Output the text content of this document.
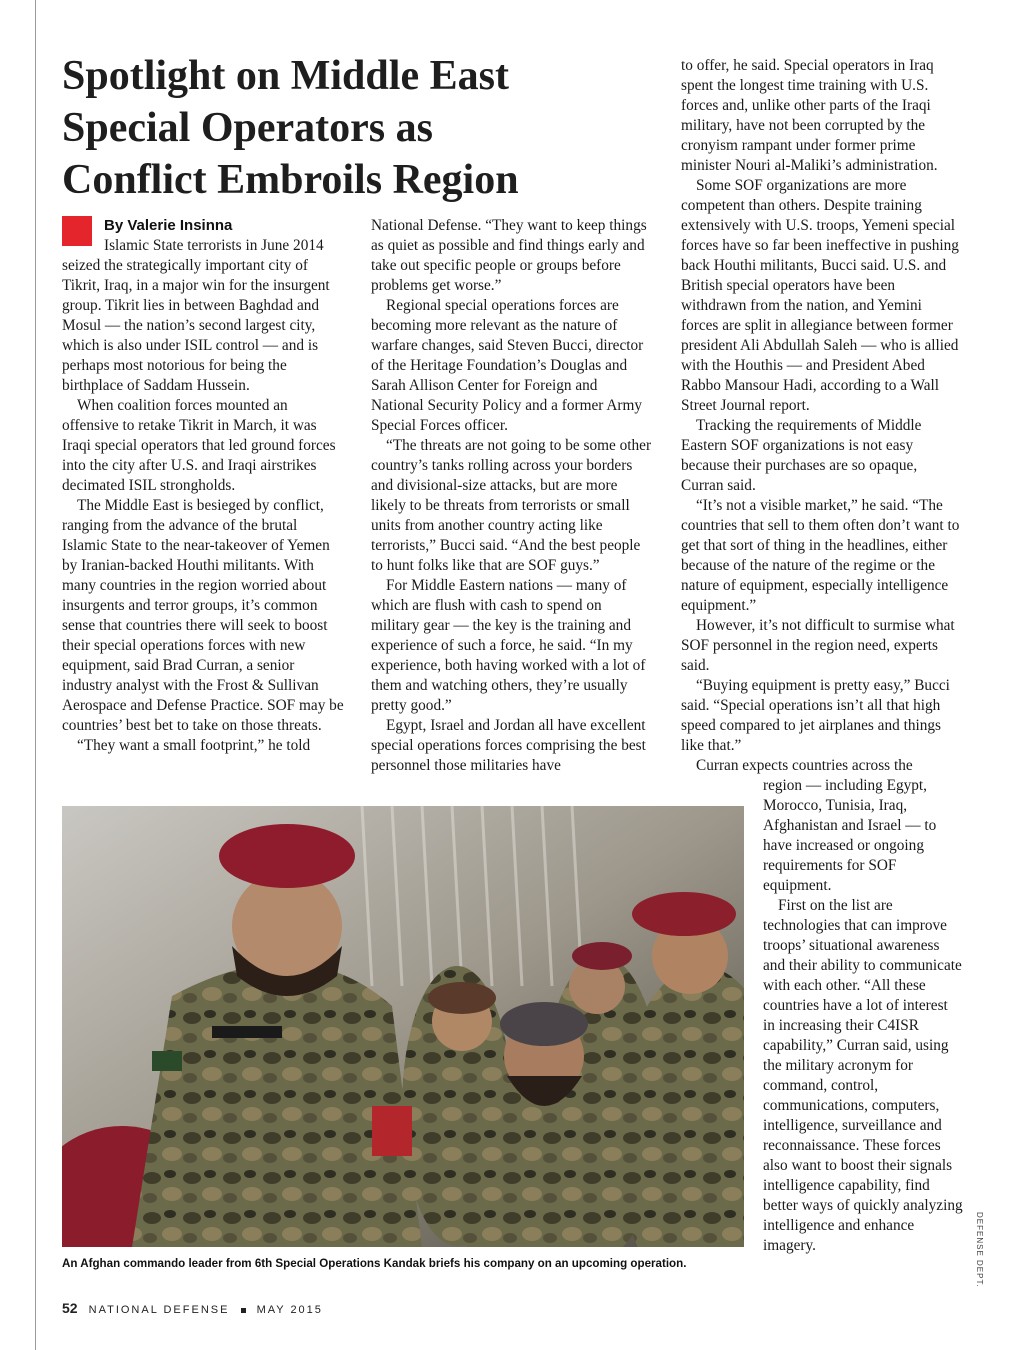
Spotlight on Middle East
Special Operators as
Conflict Embroils Region
By Valerie Insinna

Islamic State terrorists in June 2014 seized the strategically important city of Tikrit, Iraq, in a major win for the insurgent group. Tikrit lies in between Baghdad and Mosul — the nation’s second largest city, which is also under ISIL control — and is perhaps most notorious for being the birthplace of Saddam Hussein.

When coalition forces mounted an offensive to retake Tikrit in March, it was Iraqi special operators that led ground forces into the city after U.S. and Iraqi airstrikes decimated ISIL strongholds.

The Middle East is besieged by conflict, ranging from the advance of the brutal Islamic State to the near-takeover of Yemen by Iranian-backed Houthi militants. With many countries in the region worried about insurgents and terror groups, it’s common sense that countries there will seek to boost their special operations forces with new equipment, said Brad Curran, a senior industry analyst with the Frost & Sullivan Aerospace and Defense Practice. SOF may be countries’ best bet to take on those threats.

“They want a small footprint,” he told

National Defense. “They want to keep things as quiet as possible and find things early and take out specific people or groups before problems get worse.”

Regional special operations forces are becoming more relevant as the nature of warfare changes, said Steven Bucci, director of the Heritage Foundation’s Douglas and Sarah Allison Center for Foreign and National Security Policy and a former Army Special Forces officer.

“The threats are not going to be some other country’s tanks rolling across your borders and divisional-size attacks, but are more likely to be threats from terrorists or small units from another country acting like terrorists,” Bucci said. “And the best people to hunt folks like that are SOF guys.”

For Middle Eastern nations — many of which are flush with cash to spend on military gear — the key is the training and experience of such a force, he said. “In my experience, both having worked with a lot of them and watching others, they’re usually pretty good.”

Egypt, Israel and Jordan all have excellent special operations forces comprising the best personnel those militaries have

to offer, he said. Special operators in Iraq spent the longest time training with U.S. forces and, unlike other parts of the Iraqi military, have not been corrupted by the cronyism rampant under former prime minister Nouri al-Maliki’s administration.

Some SOF organizations are more competent than others. Despite training extensively with U.S. troops, Yemeni special forces have so far been ineffective in pushing back Houthi militants, Bucci said. U.S. and British special operators have been withdrawn from the nation, and Yemini forces are split in allegiance between former president Ali Abdullah Saleh — who is allied with the Houthis — and President Abed Rabbo Mansour Hadi, according to a Wall Street Journal report.

Tracking the requirements of Middle Eastern SOF organizations is not easy because their purchases are so opaque, Curran said.

“It’s not a visible market,” he said. “The countries that sell to them often don’t want to get that sort of thing in the headlines, either because of the nature of the regime or the nature of equipment, especially intelligence equipment.”

However, it’s not difficult to surmise what SOF personnel in the region need, experts said.

“Buying equipment is pretty easy,” Bucci said. “Special operations isn’t all that high speed compared to jet airplanes and things like that.”

Curran expects countries across the

region — including Egypt, Morocco, Tunisia, Iraq, Afghanistan and Israel — to have increased or ongoing requirements for SOF equipment.

First on the list are technologies that can improve troops’ situational awareness and their ability to communicate with each other. “All these countries have a lot of interest in increasing their C4ISR capability,” Curran said, using the military acronym for command, control, communications, computers, intelligence, surveillance and reconnaissance. These forces also want to boost their signals intelligence capability, find better ways of quickly analyzing intelligence and enhance imagery.

An Afghan commando leader from 6th Special Operations Kandak briefs his company on an upcoming operation.	DEFENSE DEPT.
52 NATIONAL DEFENSE MAY 2015
